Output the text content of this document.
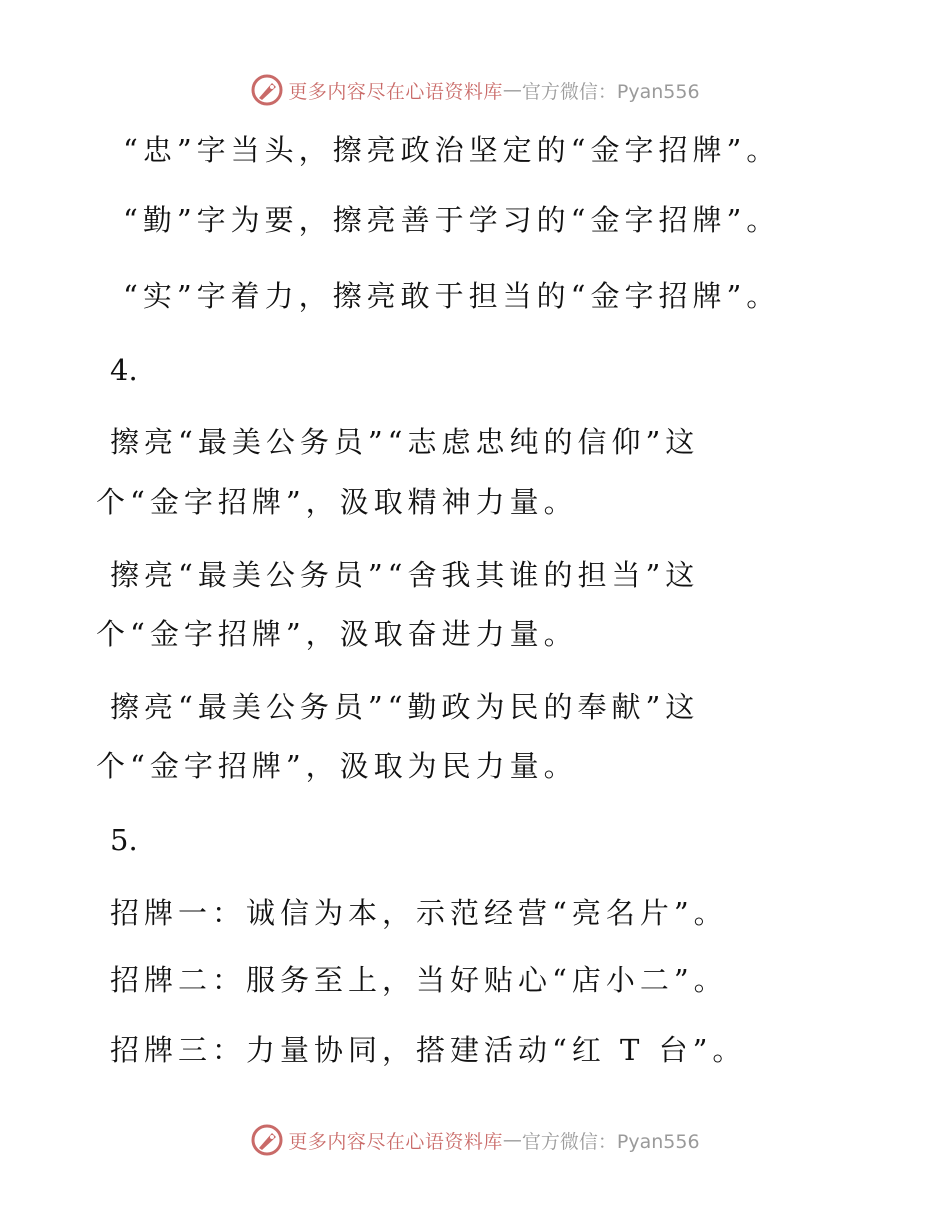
更多内容尽在心语资料库 — 官方微信：Pyan556
“忠”字当头，擦亮政治坚定的“金字招牌”。
“勤”字为要，擦亮善于学习的“金字招牌”。
“实”字着力，擦亮敢于担当的“金字招牌”。
4.
擦亮“最美公务员”“志虑忠纯的信仰”这
个“金字招牌”，汲取精神力量。
擦亮“最美公务员”“舍我其谁的担当”这
个“金字招牌”，汲取奋进力量。
擦亮“最美公务员”“勤政为民的奉献”这
个“金字招牌”，汲取为民力量。
5.
招牌一：诚信为本，示范经营“亮名片”。
招牌二：服务至上，当好贴心“店小二”。
招牌三：力量协同，搭建活动“红 T 台”。
更多内容尽在心语资料库 — 官方微信：Pyan556
